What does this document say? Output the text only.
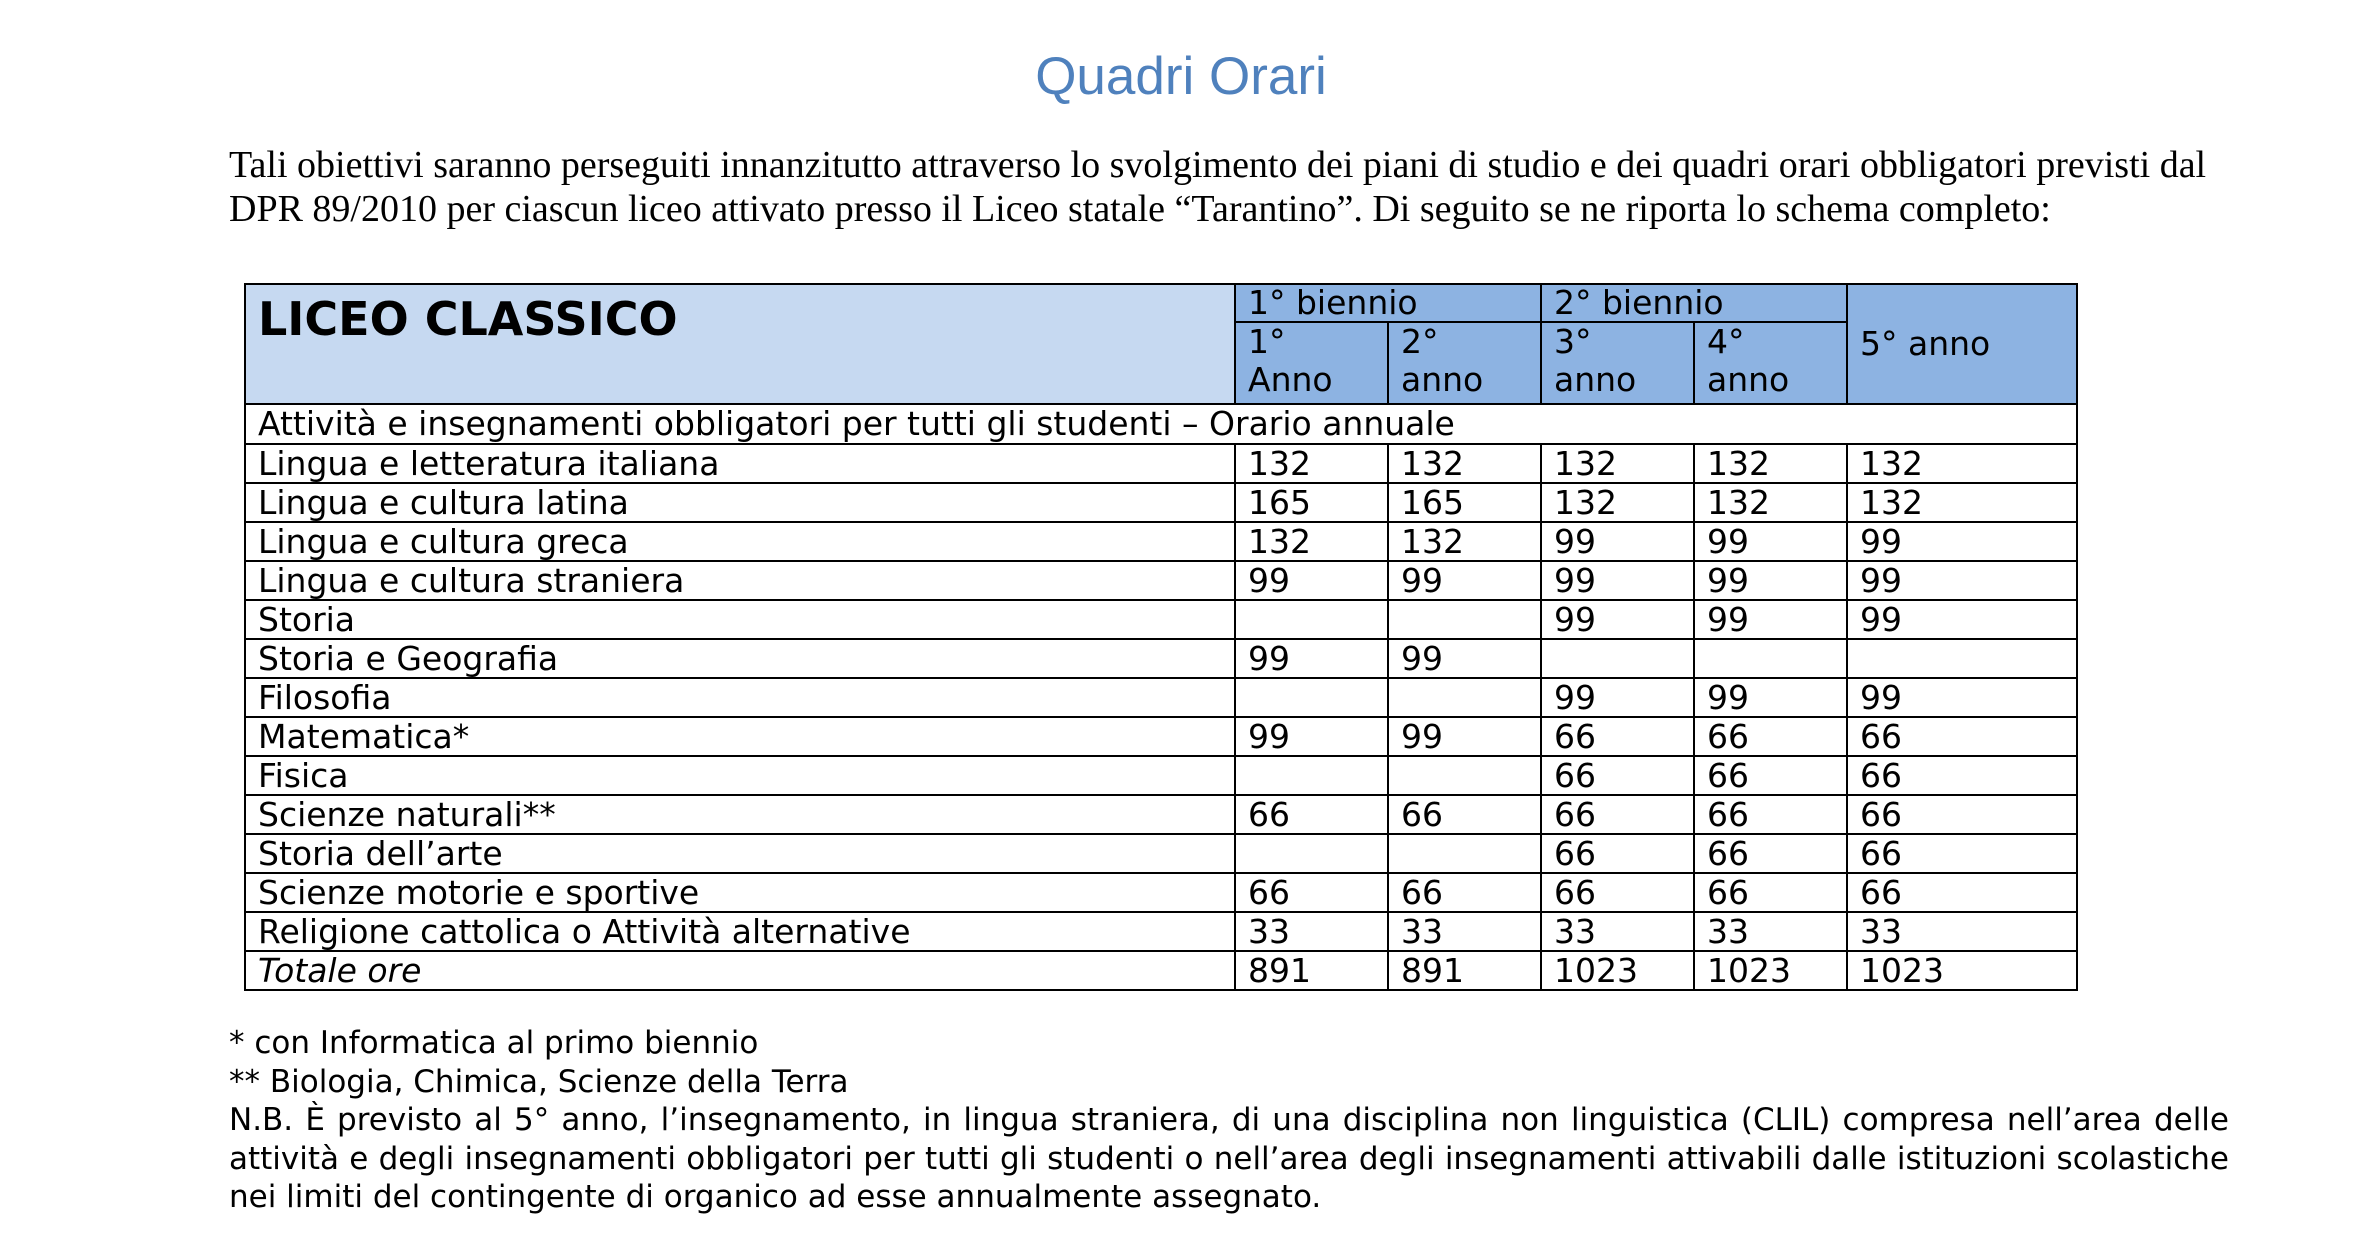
Quadri Orari

Tali obiettivi saranno perseguiti innanzitutto attraverso lo svolgimento dei piani di studio e dei quadri orari obbligatori previsti dal DPR 89/2010 per ciascun liceo attivato presso il Liceo statale “Tarantino”. Di seguito se ne riporta lo schema completo:

LICEO CLASSICO	1° biennio		2° biennio		5° anno
	1° Anno	2° anno	3° anno	4° anno	
Attività e insegnamenti obbligatori per tutti gli studenti – Orario annuale					
Lingua e letteratura italiana	132	132	132	132	132
Lingua e cultura latina	165	165	132	132	132
Lingua e cultura greca	132	132	99	99	99
Lingua e cultura straniera	99	99	99	99	99
Storia			99	99	99
Storia e Geografia	99	99			
Filosofia			99	99	99
Matematica*	99	99	66	66	66
Fisica			66	66	66
Scienze naturali**	66	66	66	66	66
Storia dell’arte			66	66	66
Scienze motorie e sportive	66	66	66	66	66
Religione cattolica o Attività alternative	33	33	33	33	33
Totale ore	891	891	1023	1023	1023

* con Informatica al primo biennio

** Biologia, Chimica, Scienze della Terra

N.B. È previsto al 5° anno, l’insegnamento, in lingua straniera, di una disciplina non linguistica (CLIL) compresa nell’area delle attività e degli insegnamenti obbligatori per tutti gli studenti o nell’area degli insegnamenti attivabili dalle istituzioni scolastiche nei limiti del contingente di organico ad esse annualmente assegnato.
